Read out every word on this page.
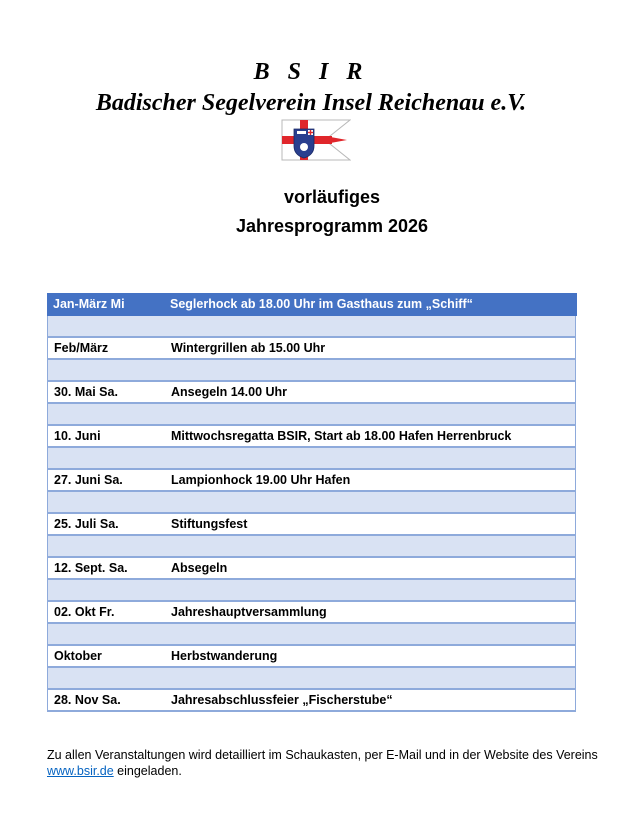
B S I R
Badischer Segelverein Insel Reichenau e.V.
vorläufiges
Jahresprogramm 2026
Jan-März Mi	Seglerhock ab 18.00 Uhr im Gasthaus zum „Schiff“
Feb/März	Wintergrillen ab 15.00 Uhr
30. Mai Sa.	Ansegeln 14.00 Uhr
10. Juni	Mittwochsregatta BSIR, Start ab 18.00 Hafen Herrenbruck
27. Juni Sa.	Lampionhock 19.00 Uhr Hafen
25. Juli Sa.	Stiftungsfest
12. Sept. Sa.	Absegeln
02. Okt Fr.	Jahreshauptversammlung
Oktober	Herbstwanderung
28. Nov Sa.	Jahresabschlussfeier „Fischerstube“
Zu allen Veranstaltungen wird detailliert im Schaukasten, per E-Mail und in der Website des Vereins www.bsir.de eingeladen.
